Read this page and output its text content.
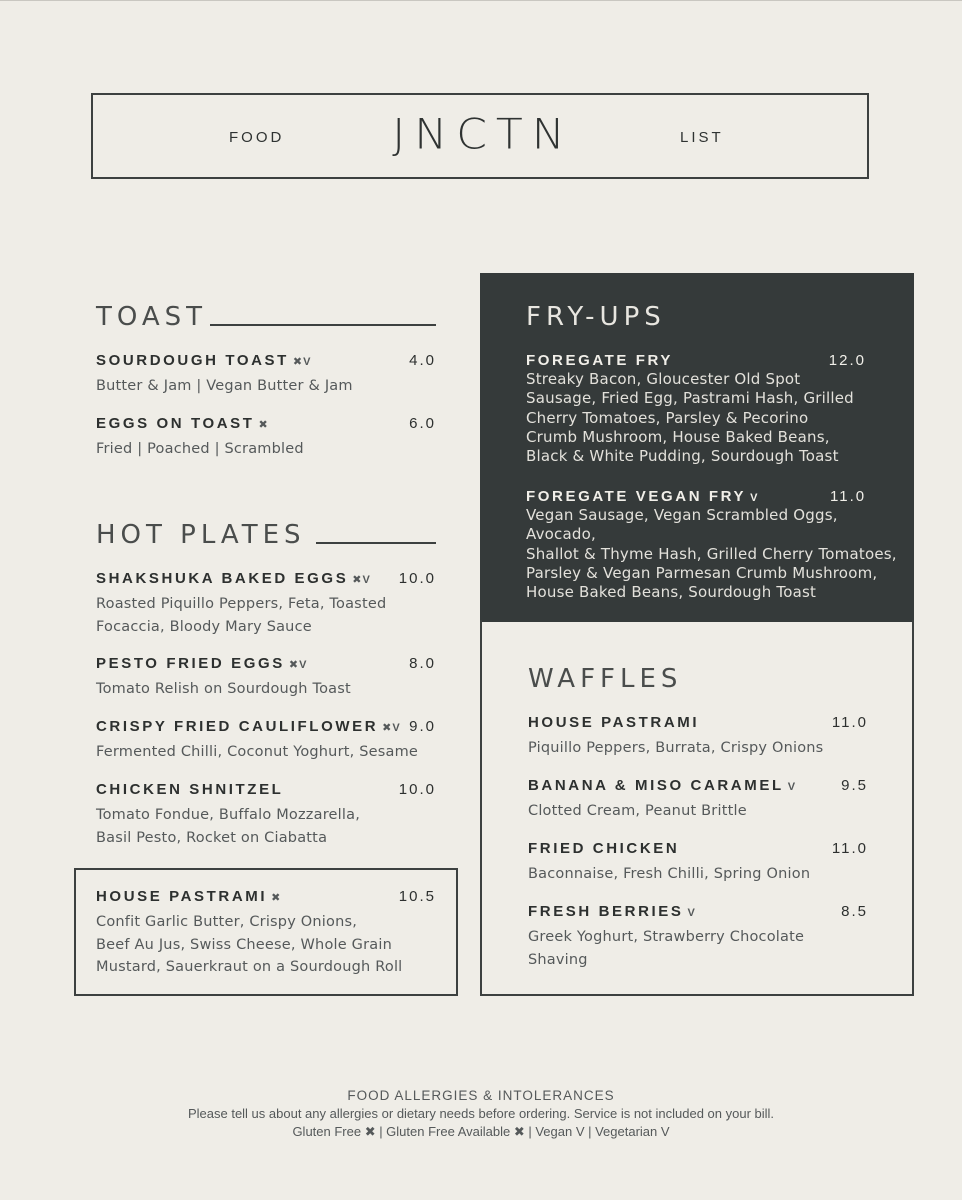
FOOD	JNCTN	LIST
TOAST
SOURDOUGH TOAST ✖V	4.0
Butter & Jam | Vegan Butter & Jam
EGGS ON TOAST ✖	6.0
Fried | Poached | Scrambled
HOT PLATES
SHAKSHUKA BAKED EGGS ✖V 10.0
Roasted Piquillo Peppers, Feta, Toasted
Focaccia, Bloody Mary Sauce
PESTO FRIED EGGS ✖V	8.0
Tomato Relish on Sourdough Toast
CRISPY FRIED CAULIFLOWER ✖V 9.0
Fermented Chilli, Coconut Yoghurt, Sesame
CHICKEN SHNITZEL	10.0
Tomato Fondue, Buffalo Mozzarella,
Basil Pesto, Rocket on Ciabatta
HOUSE PASTRAMI ✖	10.5
Confit Garlic Butter, Crispy Onions,
Beef Au Jus, Swiss Cheese, Whole Grain
Mustard, Sauerkraut on a Sourdough Roll
FRY-UPS
FOREGATE FRY	12.0
Streaky Bacon, Gloucester Old Spot
Sausage, Fried Egg, Pastrami Hash, Grilled
Cherry Tomatoes, Parsley & Pecorino
Crumb Mushroom, House Baked Beans,
Black & White Pudding, Sourdough Toast
FOREGATE VEGAN FRY V	11.0
Vegan Sausage, Vegan Scrambled Oggs, Avocado,
Shallot & Thyme Hash, Grilled Cherry Tomatoes,
Parsley & Vegan Parmesan Crumb Mushroom,
House Baked Beans, Sourdough Toast
WAFFLES
HOUSE PASTRAMI	11.0
Piquillo Peppers, Burrata, Crispy Onions
BANANA & MISO CARAMEL V	9.5
Clotted Cream, Peanut Brittle
FRIED CHICKEN	11.0
Baconnaise, Fresh Chilli, Spring Onion
FRESH BERRIES V	8.5
Greek Yoghurt, Strawberry Chocolate Shaving
FOOD ALLERGIES & INTOLERANCES
Please tell us about any allergies or dietary needs before ordering. Service is not included on your bill.
Gluten Free ✖ | Gluten Free Available ✖ | Vegan V | Vegetarian V
